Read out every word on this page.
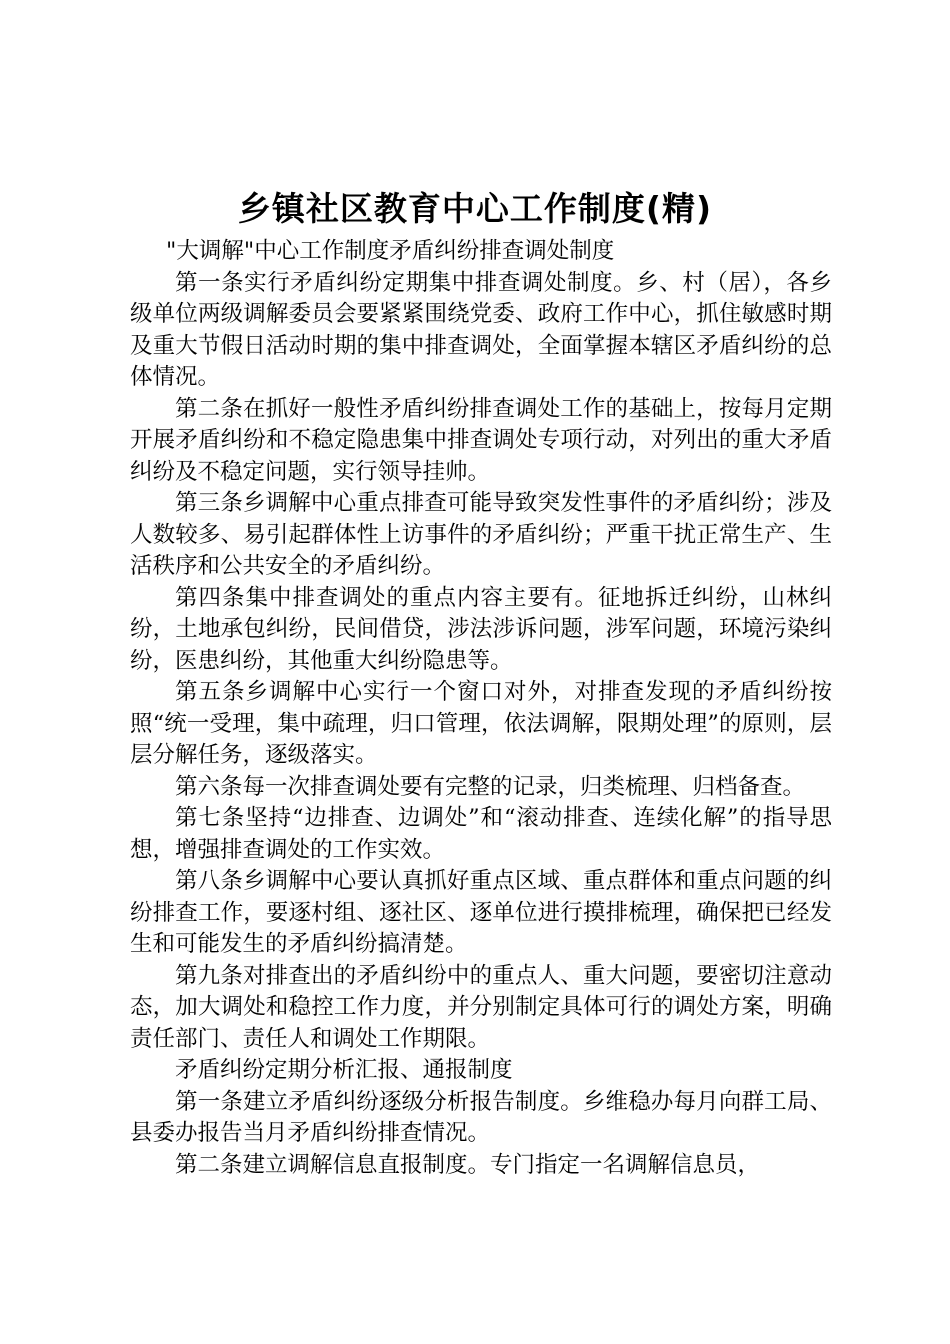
乡镇社区教育中心工作制度(精)

"大调解"中心工作制度矛盾纠纷排查调处制度

第一条实行矛盾纠纷定期集中排查调处制度。乡、村（居），各乡级单位两级调解委员会要紧紧围绕党委、政府工作中心，抓住敏感时期及重大节假日活动时期的集中排查调处，全面掌握本辖区矛盾纠纷的总体情况。

第二条在抓好一般性矛盾纠纷排查调处工作的基础上，按每月定期开展矛盾纠纷和不稳定隐患集中排查调处专项行动，对列出的重大矛盾纠纷及不稳定问题，实行领导挂帅。

第三条乡调解中心重点排查可能导致突发性事件的矛盾纠纷；涉及人数较多、易引起群体性上访事件的矛盾纠纷；严重干扰正常生产、生活秩序和公共安全的矛盾纠纷。

第四条集中排查调处的重点内容主要有。征地拆迁纠纷，山林纠纷，土地承包纠纷，民间借贷，涉法涉诉问题，涉军问题，环境污染纠纷，医患纠纷，其他重大纠纷隐患等。

第五条乡调解中心实行一个窗口对外，对排查发现的矛盾纠纷按照“统一受理，集中疏理，归口管理，依法调解，限期处理”的原则，层层分解任务，逐级落实。

第六条每一次排查调处要有完整的记录，归类梳理、归档备查。

第七条坚持“边排查、边调处”和“滚动排查、连续化解”的指导思想，增强排查调处的工作实效。

第八条乡调解中心要认真抓好重点区域、重点群体和重点问题的纠纷排查工作，要逐村组、逐社区、逐单位进行摸排梳理，确保把已经发生和可能发生的矛盾纠纷搞清楚。

第九条对排查出的矛盾纠纷中的重点人、重大问题，要密切注意动态，加大调处和稳控工作力度，并分别制定具体可行的调处方案，明确责任部门、责任人和调处工作期限。

矛盾纠纷定期分析汇报、通报制度

第一条建立矛盾纠纷逐级分析报告制度。乡维稳办每月向群工局、县委办报告当月矛盾纠纷排查情况。

第二条建立调解信息直报制度。专门指定一名调解信息员，
